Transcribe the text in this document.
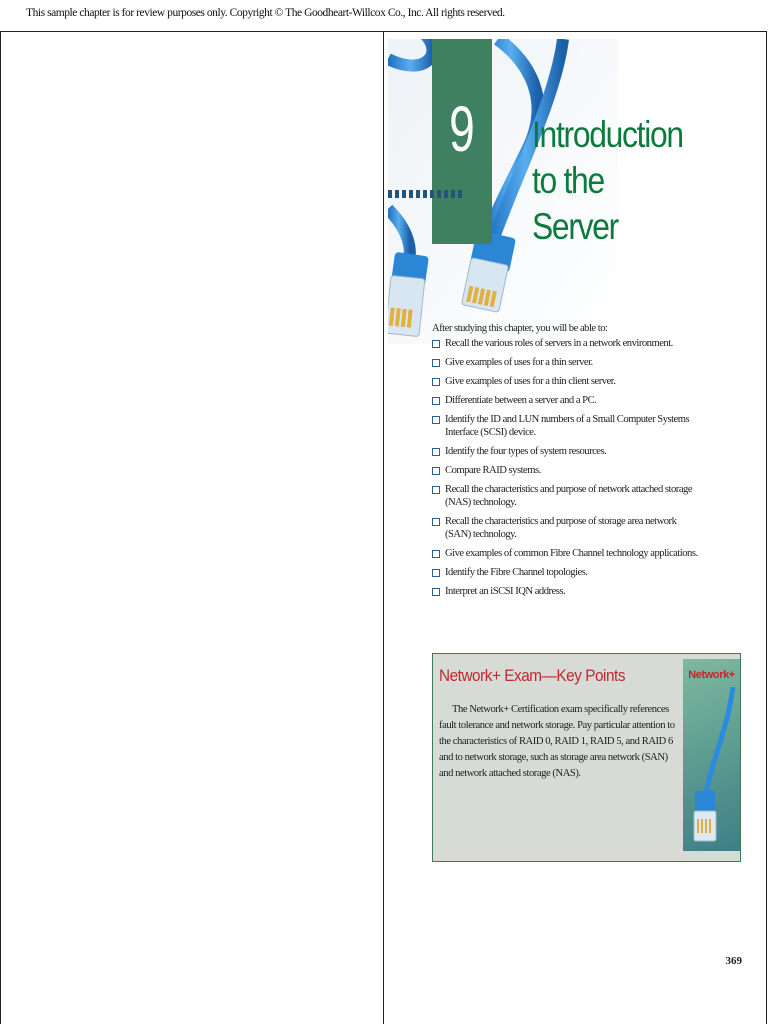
This sample chapter is for review purposes only. Copyright © The Goodheart-Willcox Co., Inc. All rights reserved.
9 Introduction
to the Server
After studying this chapter, you will be able to:
Recall the various roles of servers in a network environment.
Give examples of uses for a thin server.
Give examples of uses for a thin client server.
Differentiate between a server and a PC.
Identify the ID and LUN numbers of a Small Computer Systems Interface (SCSI) device.
Identify the four types of system resources.
Compare RAID systems.
Recall the characteristics and purpose of network attached storage (NAS) technology.
Recall the characteristics and purpose of storage area network (SAN) technology.
Give examples of common Fibre Channel technology applications.
Identify the Fibre Channel topologies.
Interpret an iSCSI IQN address.
Network+ Exam—Key Points
The Network+ Certification exam specifically references fault tolerance and network storage. Pay particular attention to the characteristics of RAID 0, RAID 1, RAID 5, and RAID 6 and to network storage, such as storage area network (SAN) and network attached storage (NAS).
Network+
369
